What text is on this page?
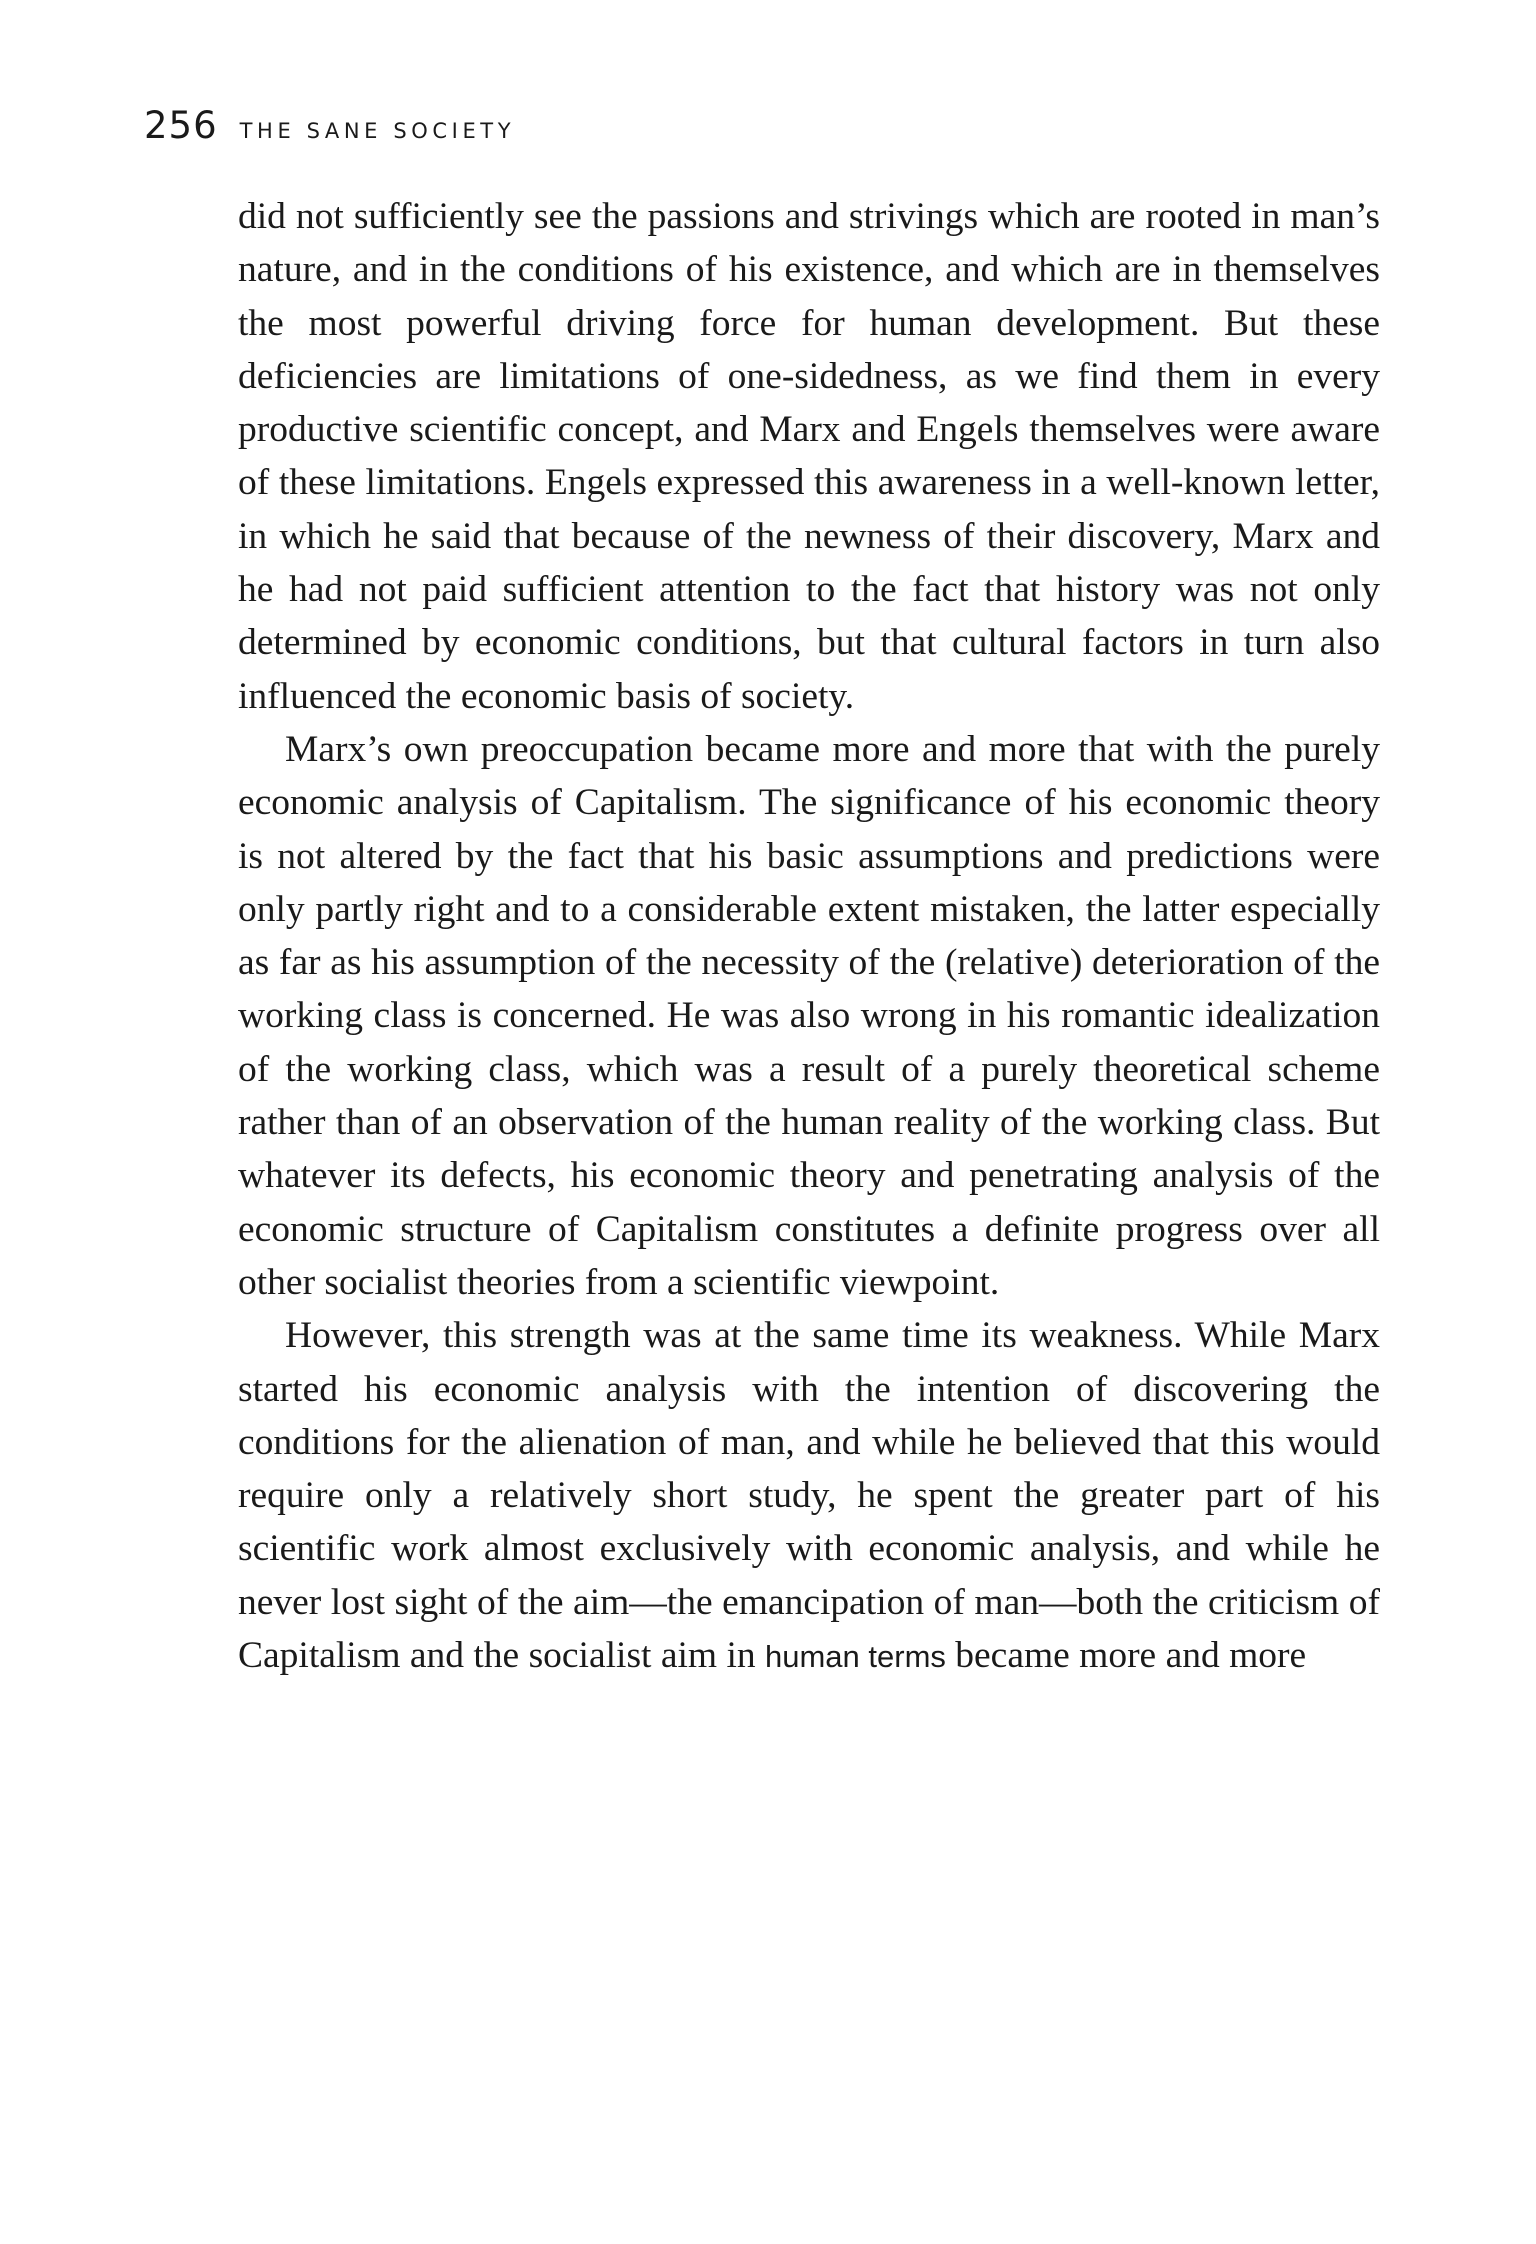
256 THE SANE SOCIETY

did not sufficiently see the passions and strivings which are rooted in man’s nature, and in the conditions of his existence, and which are in themselves the most powerful driving force for human development. But these deficiencies are limitations of one-sidedness, as we find them in every productive scientific concept, and Marx and Engels themselves were aware of these limitations. Engels expressed this awareness in a well-known letter, in which he said that because of the newness of their discovery, Marx and he had not paid sufficient attention to the fact that history was not only determined by economic conditions, but that cultural factors in turn also influenced the economic basis of society.

Marx’s own preoccupation became more and more that with the purely economic analysis of Capitalism. The significance of his economic theory is not altered by the fact that his basic assumptions and predictions were only partly right and to a considerable extent mistaken, the latter especially as far as his assumption of the necessity of the (relative) deterioration of the working class is concerned. He was also wrong in his romantic idealization of the working class, which was a result of a purely theoretical scheme rather than of an observation of the human reality of the working class. But whatever its defects, his economic theory and penetrating analysis of the economic structure of Capitalism constitutes a definite progress over all other socialist theories from a scientific viewpoint.

However, this strength was at the same time its weakness. While Marx started his economic analysis with the intention of discovering the conditions for the alienation of man, and while he believed that this would require only a relatively short study, he spent the greater part of his scientific work almost exclusively with economic analysis, and while he never lost sight of the aim—the emancipation of man—both the criticism of Capitalism and the socialist aim in human terms became more and more
